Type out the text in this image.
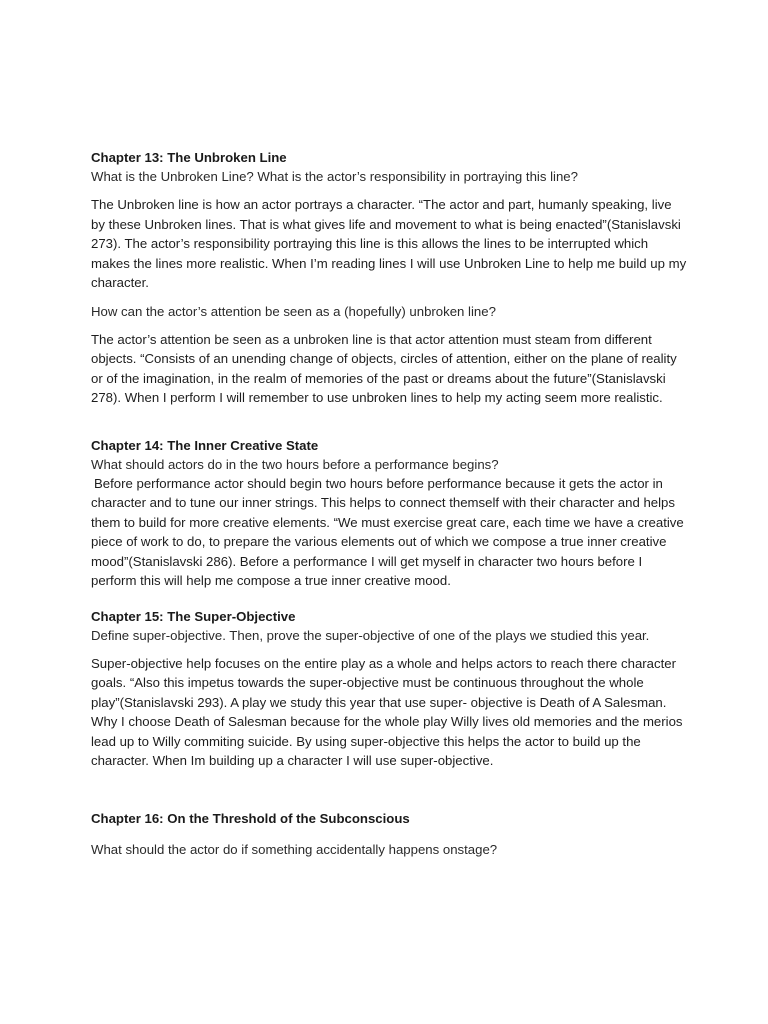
Chapter 13: The Unbroken Line

What is the Unbroken Line? What is the actor’s responsibility in portraying this line?

The Unbroken line is how an actor portrays a character. “The actor and part, humanly speaking, live by these Unbroken lines. That is what gives life and movement to what is being enacted”(Stanislavski 273). The actor’s responsibility portraying this line is this allows the lines to be interrupted which makes the lines more realistic. When I’m reading lines I will use Unbroken Line to help me build up my character.

How can the actor’s attention be seen as a (hopefully) unbroken line?

The actor’s attention be seen as a unbroken line is that actor attention must steam from different objects. “Consists of an unending change of objects, circles of attention, either on the plane of reality or of the imagination, in the realm of memories of the past or dreams about the future”(Stanislavski 278). When I perform I will remember to use unbroken lines to help my acting seem more realistic.

Chapter 14: The Inner Creative State

What should actors do in the two hours before a performance begins?

Before performance actor should begin two hours before performance because it gets the actor in character and to tune our inner strings. This helps to connect themself with their character and helps them to build for more creative elements. “We must exercise great care, each time we have a creative piece of work to do, to prepare the various elements out of which we compose a true inner creative mood”(Stanislavski 286). Before a performance I will get myself in character two hours before I perform this will help me compose a true inner creative mood.

Chapter 15: The Super-Objective

Define super-objective. Then, prove the super-objective of one of the plays we studied this year.

Super-objective help focuses on the entire play as a whole and helps actors to reach there character goals. “Also this impetus towards the super-objective must be continuous throughout the whole play”(Stanislavski 293). A play we study this year that use super- objective is Death of A Salesman. Why I choose Death of Salesman because for the whole play Willy lives old memories and the merios lead up to Willy commiting suicide. By using super-objective this helps the actor to build up the character. When Im building up a character I will use super-objective.

Chapter 16: On the Threshold of the Subconscious

What should the actor do if something accidentally happens onstage?
